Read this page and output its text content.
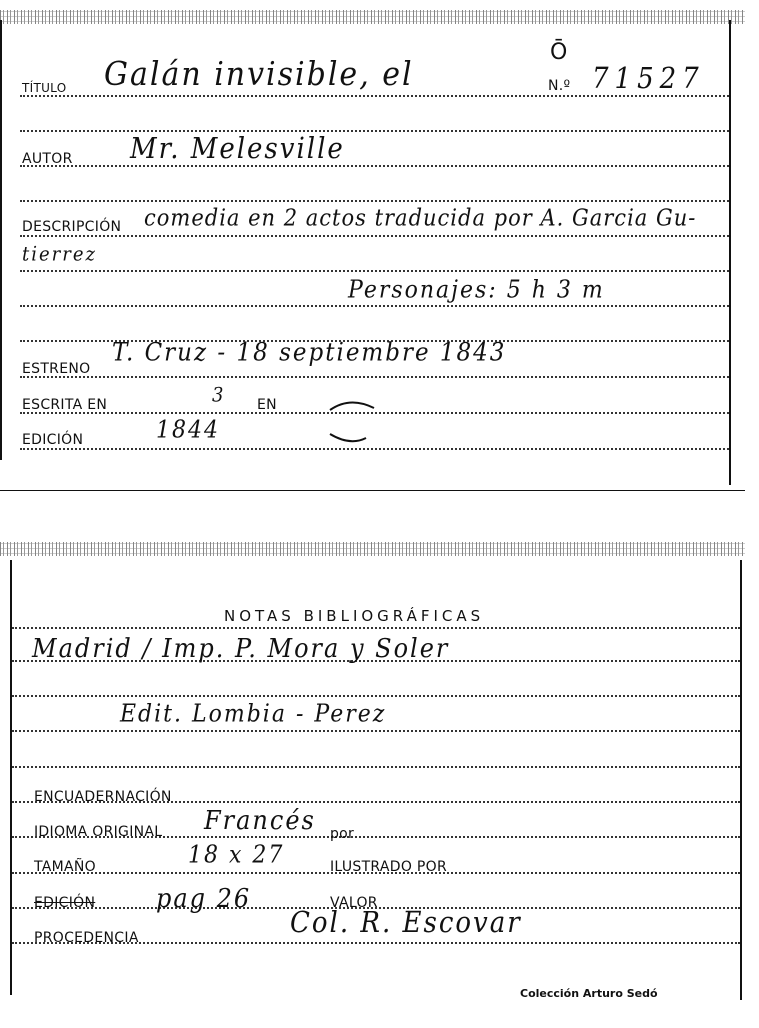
TÍTULO Galán invisible, el
Ō
N.º 71527
AUTOR Mr. Melesville
DESCRIPCIÓN comedia en 2 actos traducida por A. Garcia Gu-
tierrez
Personajes: 5 h 3 m
ESTRENO
T. Cruz - 18 septiembre 1843
ESCRITA EN	3 EN
EDICIÓN	1844
NOTAS BIBLIOGRÁFICAS
Madrid / Imp. P. Mora y Soler
Edit. Lombia - Perez
ENCUADERNACIÓN
IDIOMA ORIGINAL Francés por
TAMAÑO	18 x 27	ILUSTRADO POR
EDICIÓN	pag 26	VALOR
PROCEDENCIA	Col. R. Escovar
Colección Arturo Sedó
